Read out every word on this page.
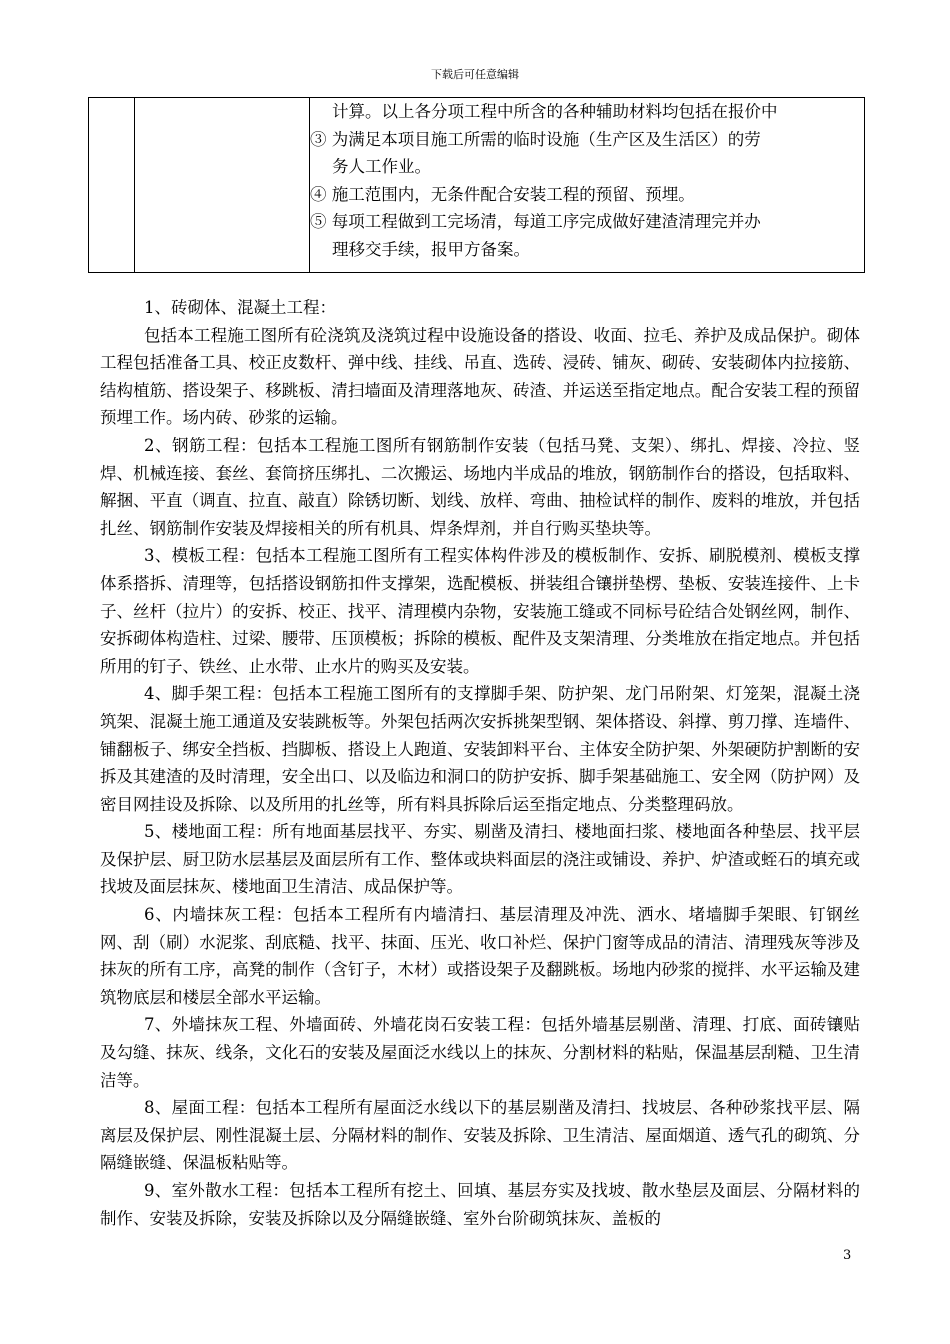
下载后可任意编辑

计算。以上各分项工程中所含的各种辅助材料均包括在报价中
③ 为满足本项目施工所需的临时设施（生产区及生活区）的劳
务人工作业。
④ 施工范围内，无条件配合安装工程的预留、预埋。
⑤ 每项工程做到工完场清，每道工序完成做好建渣清理完并办
理移交手续，报甲方备案。

1、砖砌体、混凝土工程：

包括本工程施工图所有砼浇筑及浇筑过程中设施设备的搭设、收面、拉毛、养护及成品保护。砌体工程包括准备工具、校正皮数杆、弹中线、挂线、吊直、选砖、浸砖、铺灰、砌砖、安装砌体内拉接筋、结构植筋、搭设架子、移跳板、清扫墙面及清理落地灰、砖渣、并运送至指定地点。配合安装工程的预留预埋工作。场内砖、砂浆的运输。

2、钢筋工程：包括本工程施工图所有钢筋制作安装（包括马凳、支架）、绑扎、焊接、冷拉、竖焊、机械连接、套丝、套筒挤压绑扎、二次搬运、场地内半成品的堆放，钢筋制作台的搭设，包括取料、解捆、平直（调直、拉直、敲直）除锈切断、划线、放样、弯曲、抽检试样的制作、废料的堆放，并包括扎丝、钢筋制作安装及焊接相关的所有机具、焊条焊剂，并自行购买垫块等。

3、模板工程：包括本工程施工图所有工程实体构件涉及的模板制作、安拆、刷脱模剂、模板支撑体系搭拆、清理等，包括搭设钢筋扣件支撑架，选配模板、拼装组合镶拼垫楞、垫板、安装连接件、上卡子、丝杆（拉片）的安拆、校正、找平、清理模内杂物，安装施工缝或不同标号砼结合处钢丝网，制作、安拆砌体构造柱、过梁、腰带、压顶模板；拆除的模板、配件及支架清理、分类堆放在指定地点。并包括所用的钉子、铁丝、止水带、止水片的购买及安装。

4、脚手架工程：包括本工程施工图所有的支撑脚手架、防护架、龙门吊附架、灯笼架，混凝土浇筑架、混凝土施工通道及安装跳板等。外架包括两次安拆挑架型钢、架体搭设、斜撑、剪刀撑、连墙件、铺翻板子、绑安全挡板、挡脚板、搭设上人跑道、安装卸料平台、主体安全防护架、外架硬防护割断的安拆及其建渣的及时清理，安全出口、以及临边和洞口的防护安拆、脚手架基础施工、安全网（防护网）及密目网挂设及拆除、以及所用的扎丝等，所有料具拆除后运至指定地点、分类整理码放。

5、楼地面工程：所有地面基层找平、夯实、剔凿及清扫、楼地面扫浆、楼地面各种垫层、找平层及保护层、厨卫防水层基层及面层所有工作、整体或块料面层的浇注或铺设、养护、炉渣或蛭石的填充或找坡及面层抹灰、楼地面卫生清洁、成品保护等。

6、内墙抹灰工程：包括本工程所有内墙清扫、基层清理及冲洗、洒水、堵墙脚手架眼、钉钢丝网、刮（刷）水泥浆、刮底糙、找平、抹面、压光、收口补烂、保护门窗等成品的清洁、清理残灰等涉及抹灰的所有工序，高凳的制作（含钉子，木材）或搭设架子及翻跳板。场地内砂浆的搅拌、水平运输及建筑物底层和楼层全部水平运输。

7、外墙抹灰工程、外墙面砖、外墙花岗石安装工程：包括外墙基层剔凿、清理、打底、面砖镶贴及勾缝、抹灰、线条，文化石的安装及屋面泛水线以上的抹灰、分割材料的粘贴，保温基层刮糙、卫生清洁等。

8、屋面工程：包括本工程所有屋面泛水线以下的基层剔凿及清扫、找坡层、各种砂浆找平层、隔离层及保护层、刚性混凝土层、分隔材料的制作、安装及拆除、卫生清洁、屋面烟道、透气孔的砌筑、分隔缝嵌缝、保温板粘贴等。

9、室外散水工程：包括本工程所有挖土、回填、基层夯实及找坡、散水垫层及面层、分隔材料的制作、安装及拆除，安装及拆除以及分隔缝嵌缝、室外台阶砌筑抹灰、盖板的

3
